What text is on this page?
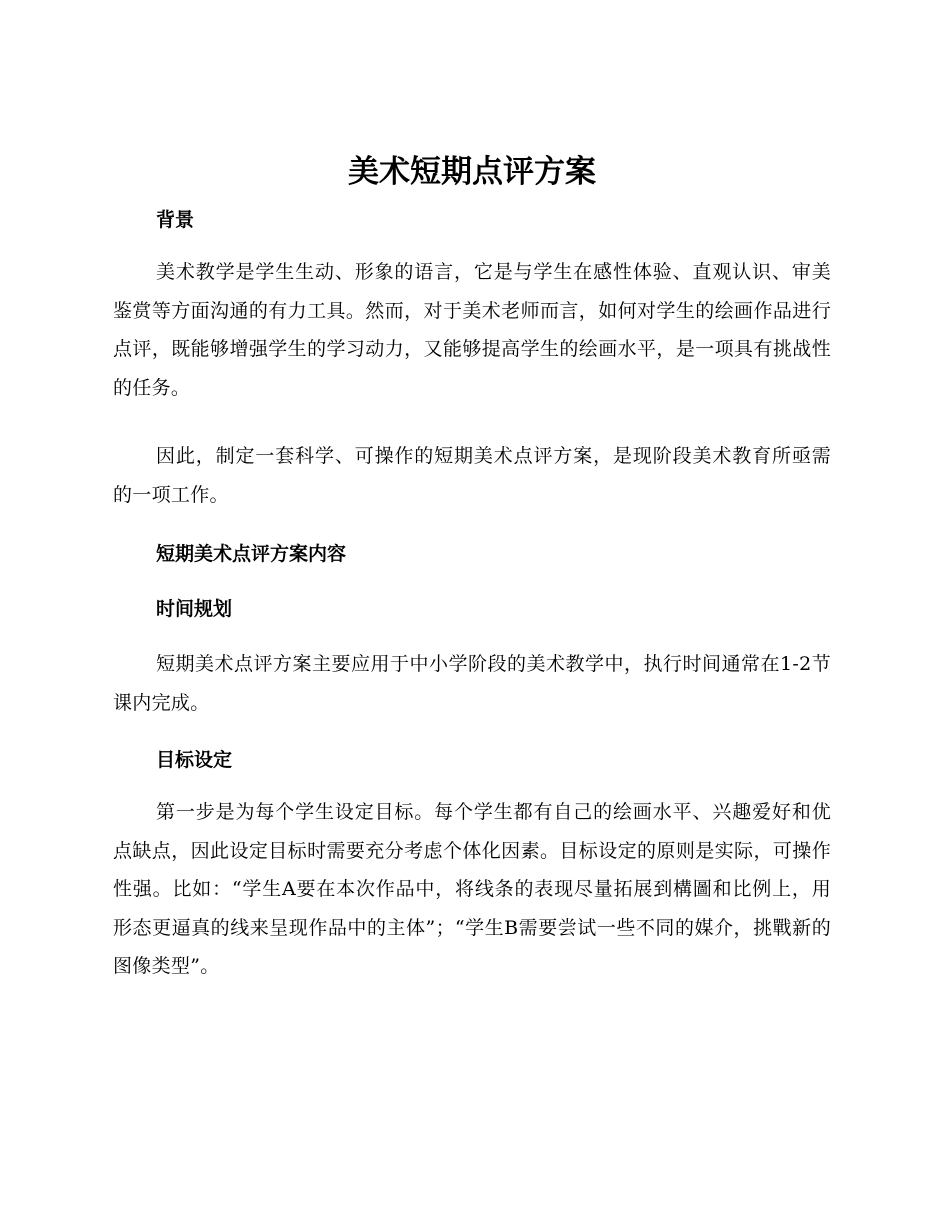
美术短期点评方案
背景

美术教学是学生生动、形象的语言，它是与学生在感性体验、直观认识、审美鉴赏等方面沟通的有力工具。然而，对于美术老师而言，如何对学生的绘画作品进行点评，既能够增强学生的学习动力，又能够提高学生的绘画水平，是一项具有挑战性的任务。

因此，制定一套科学、可操作的短期美术点评方案，是现阶段美术教育所亟需的一项工作。

短期美术点评方案内容
时间规划

短期美术点评方案主要应用于中小学阶段的美术教学中，执行时间通常在1-2节课内完成。

目标设定

第一步是为每个学生设定目标。每个学生都有自己的绘画水平、兴趣爱好和优点缺点，因此设定目标时需要充分考虑个体化因素。目标设定的原则是实际，可操作性强。比如：“学生A要在本次作品中，将线条的表现尽量拓展到構圖和比例上，用形态更逼真的线来呈现作品中的主体”；“学生B需要尝试一些不同的媒介，挑戰新的图像类型”。
